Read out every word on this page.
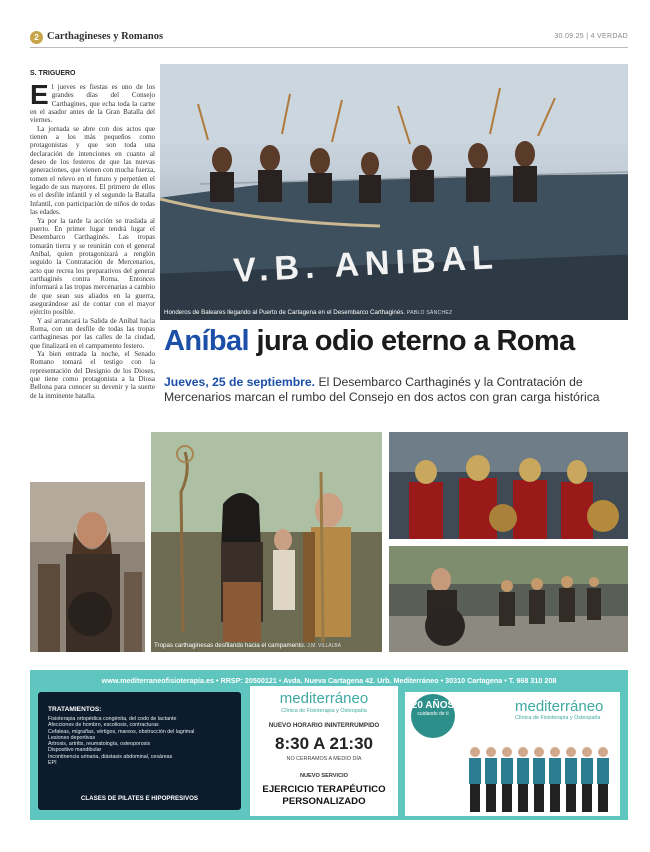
2 Carthagineses y Romanos	30.09.25 | 4 VERDAD
S. TRIGUERO

El jueves es fiestas es uno de los grandes días del Consejo Carthagines, que echa toda la carne en el asador antes de la Gran Batalla del viernes.

La jornada se abre con dos actos que tienen a los más pequeños como protagonistas y que son toda una declaración de intenciones en cuanto al deseo de los festeros de que las nuevas generaciones, que vienen con mucha fuerza, tomen el relevo en el futuro y perpetúen el legado de sus mayores. El primero de ellos es el desfile infantil y el segundo la Batalla Infantil, con participación de niños de todas las edades.

Ya por la tarde la acción se traslada al puerto. En primer lugar tendrá lugar el Desembarco Carthaginés. Las tropas tomarán tierra y se reunirán con el general Aníbal, quien protagonizará a renglón seguido la Contratación de Mercenarios, acto que recrea los preparativos del general carthaginés contra Roma. Entonces informará a las tropas mercenarias a cambio de que sean sus aliados en la guerra, asegurándose así de contar con el mayor ejército posible.

Y así arrancará la Salida de Aníbal hacia Roma, con un desfile de todas las tropas carthaginesas por las calles de la ciudad, que finalizará en el campamento festero.

Ya bien entrada la noche, el Senado Romano tomará el testigo con la representación del Designio de los Dioses, que tiene como protagonista a la Diosa Bellona para conocer su devenir y la suerte de la inminente batalla.

V.B. ANIBAL
Honderos de Baleares llegando al Puerto de Cartagena en el Desembarco Carthaginés. PABLO SÁNCHEZ
Aníbal jura odio eterno a Roma
Jueves, 25 de septiembre. El Desembarco Carthaginés y la Contratación de Mercenarios marcan el rumbo del Consejo en dos actos con gran carga histórica
Tropas carthaginesas desfilando hacia el campamento. J.M. VILLALBA
www.mediterraneofisioterapia.es • RRSP: 20500121 • Avda. Nueva Cartagena 42. Urb. Mediterráneo • 30310 Cartagena • T. 968 310 208
TRATAMIENTOS:
Fisioterapia ortopédica congénita, del codo de lactante
Afecciones de hombro, escoliosis, contracturas
Cefaleas, migrañas, vértigos, mareos, obstrucción del lagrimal
Lesiones deportivas
Artrosis, artritis, reumatología, osteoporosis
Dispositivo mandibular
Incontinencia urinaria, diástasis abdominal, cesáreas
EPI
CLASES DE PILATES E HIPOPRESIVOS
mediterráneo
Clínica de Fisioterapia y Osteopatía
NUEVO HORARIO ININTERRUMPIDO
8:30 A 21:30
NO CERRAMOS A MEDIO DÍA
NUEVO SERVICIO
EJERCICIO TERAPÉUTICO
PERSONALIZADO
20 AÑOS
cuidando de ti	mediterráneo
Clínica de Fisioterapia y Osteopatía
